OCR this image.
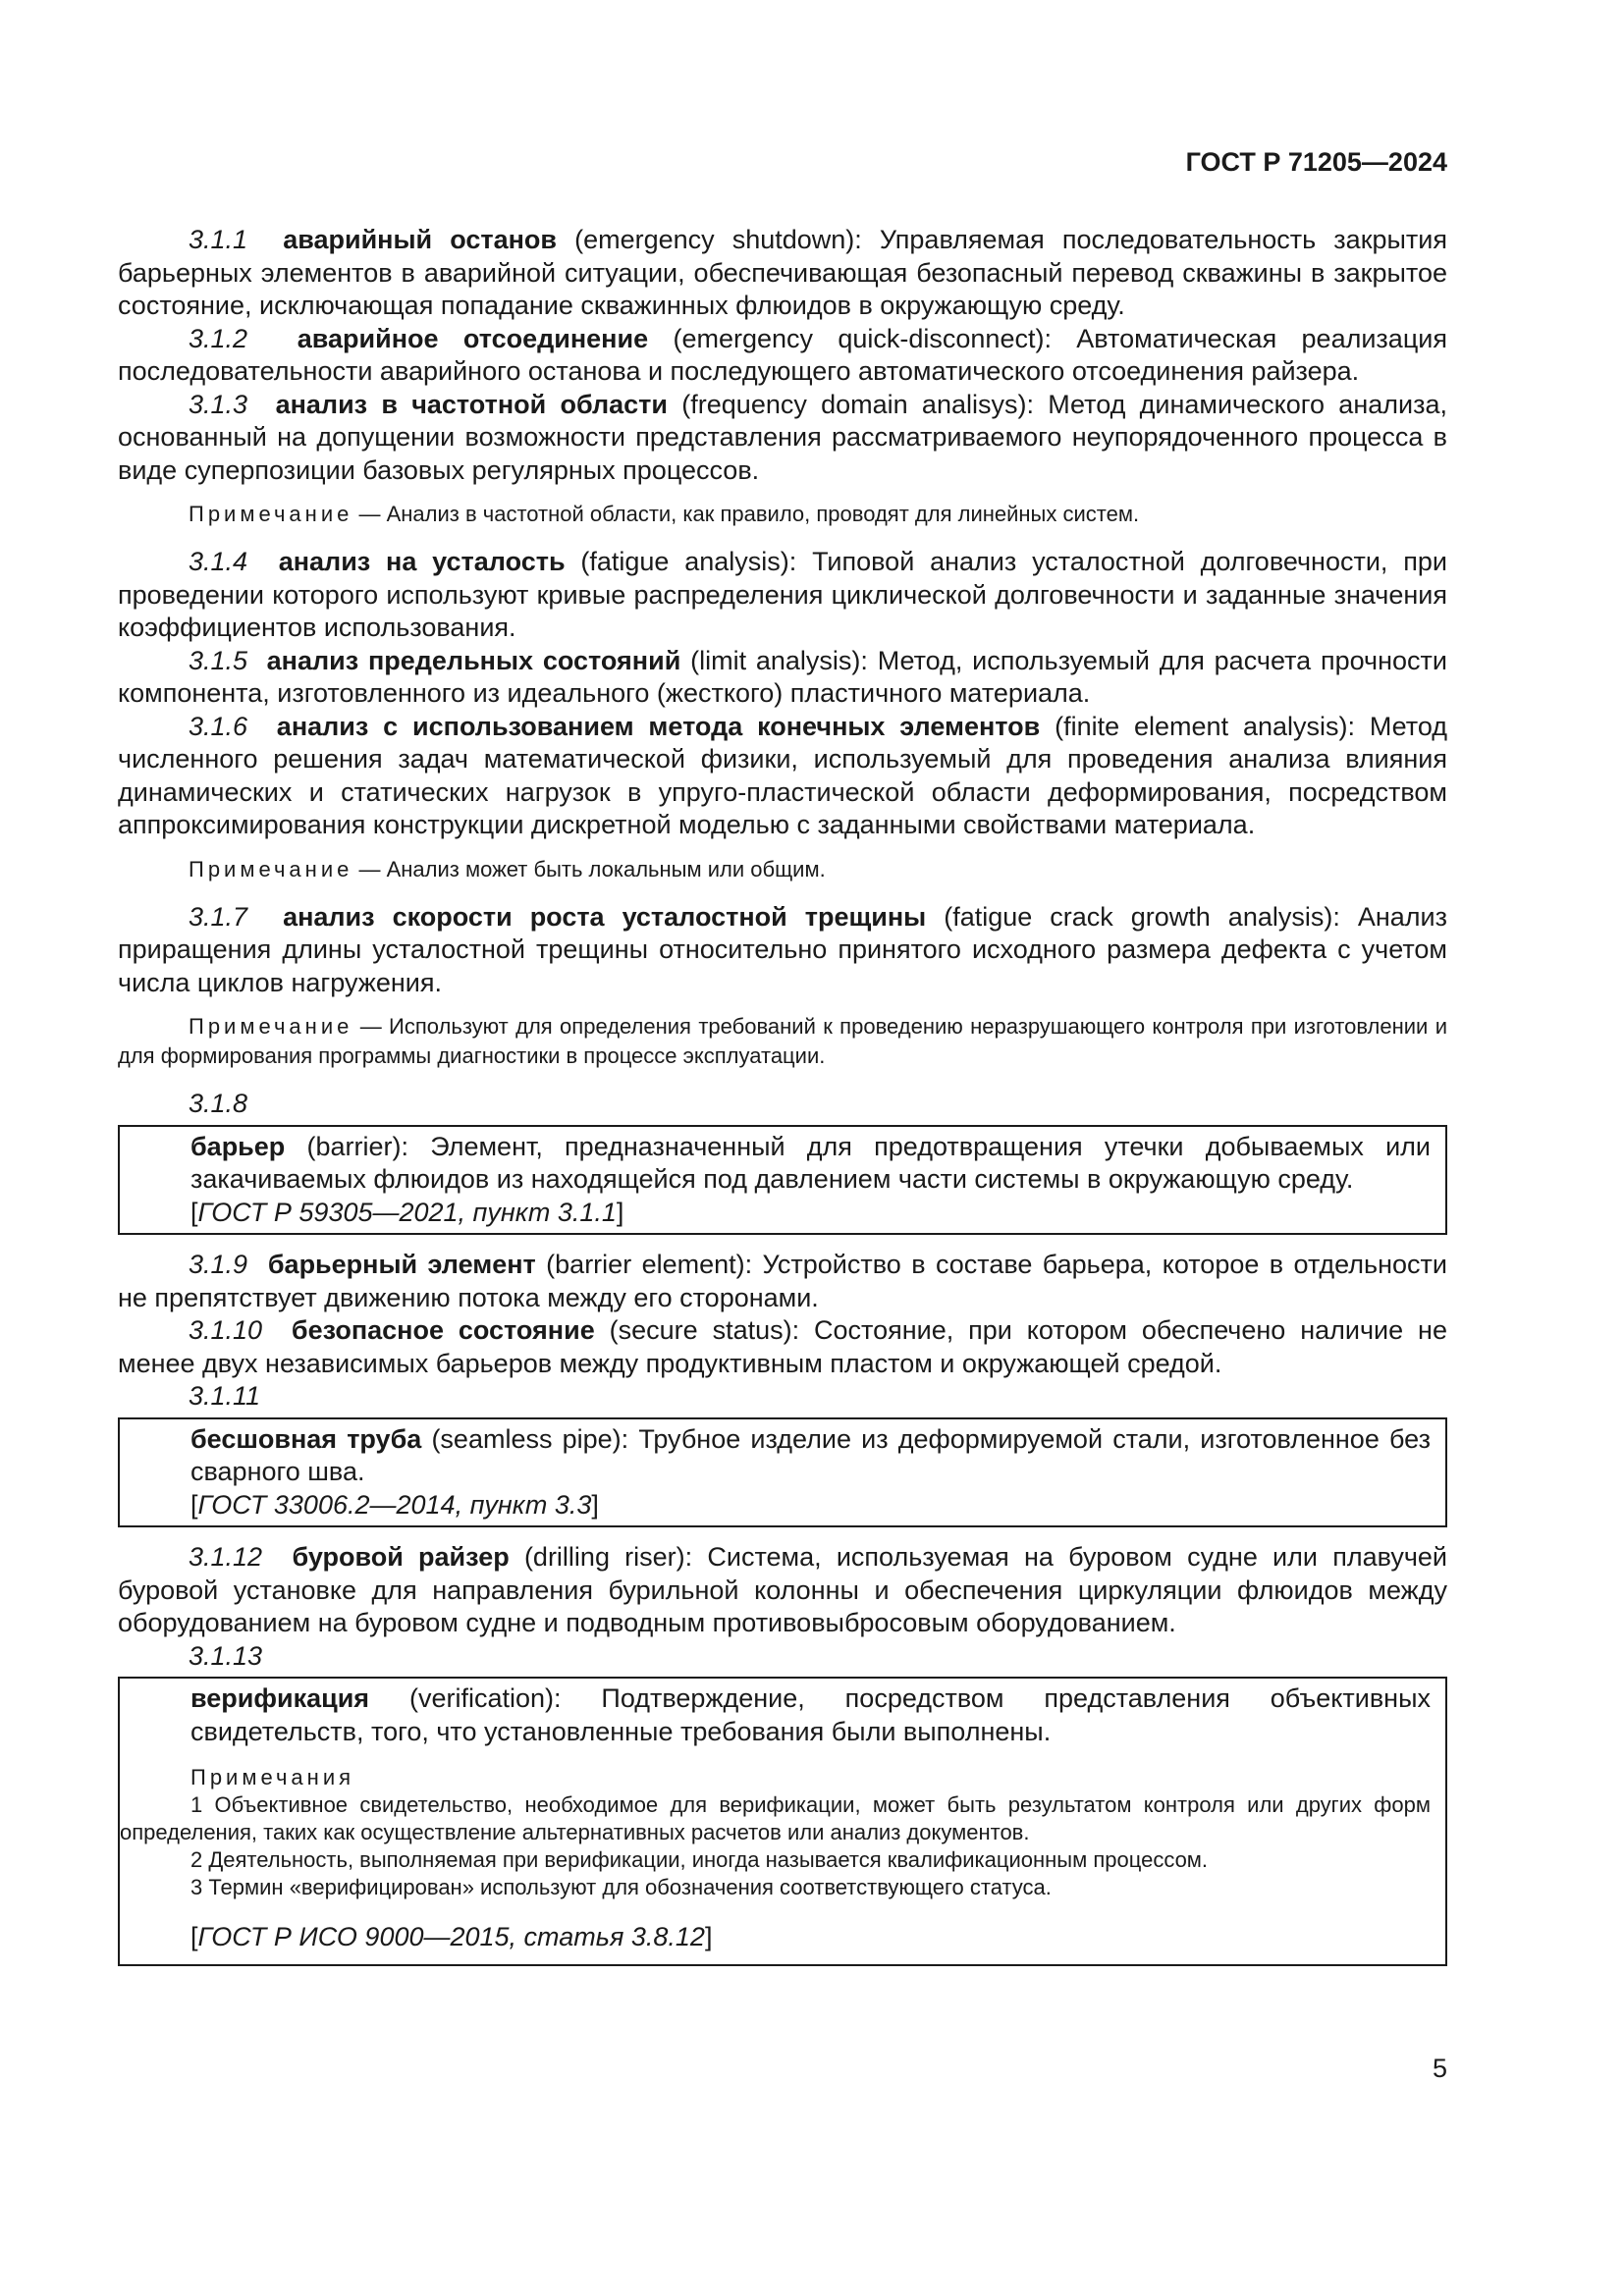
ГОСТ Р 71205—2024

3.1.1 аварийный останов (emergency shutdown): Управляемая последовательность закрытия барьерных элементов в аварийной ситуации, обеспечивающая безопасный перевод скважины в закрытое состояние, исключающая попадание скважинных флюидов в окружающую среду.

3.1.2 аварийное отсоединение (emergency quick-disconnect): Автоматическая реализация последовательности аварийного останова и последующего автоматического отсоединения райзера.

3.1.3 анализ в частотной области (frequency domain analisys): Метод динамического анализа, основанный на допущении возможности представления рассматриваемого неупорядоченного процесса в виде суперпозиции базовых регулярных процессов.

Примечание — Анализ в частотной области, как правило, проводят для линейных систем.

3.1.4 анализ на усталость (fatigue analysis): Типовой анализ усталостной долговечности, при проведении которого используют кривые распределения циклической долговечности и заданные значения коэффициентов использования.

3.1.5 анализ предельных состояний (limit analysis): Метод, используемый для расчета прочности компонента, изготовленного из идеального (жесткого) пластичного материала.

3.1.6 анализ с использованием метода конечных элементов (finite element analysis): Метод численного решения задач математической физики, используемый для проведения анализа влияния динамических и статических нагрузок в упруго-пластической области деформирования, посредством аппроксимирования конструкции дискретной моделью с заданными свойствами материала.

Примечание — Анализ может быть локальным или общим.

3.1.7 анализ скорости роста усталостной трещины (fatigue crack growth analysis): Анализ приращения длины усталостной трещины относительно принятого исходного размера дефекта с учетом числа циклов нагружения.

Примечание — Используют для определения требований к проведению неразрушающего контроля при изготовлении и для формирования программы диагностики в процессе эксплуатации.

3.1.8

барьер (barrier): Элемент, предназначенный для предотвращения утечки добываемых или закачиваемых флюидов из находящейся под давлением части системы в окружающую среду.

[ГОСТ Р 59305—2021, пункт 3.1.1]

3.1.9 барьерный элемент (barrier element): Устройство в составе барьера, которое в отдельности не препятствует движению потока между его сторонами.

3.1.10 безопасное состояние (secure status): Состояние, при котором обеспечено наличие не менее двух независимых барьеров между продуктивным пластом и окружающей средой.

3.1.11

бесшовная труба (seamless pipe): Трубное изделие из деформируемой стали, изготовленное без сварного шва.

[ГОСТ 33006.2—2014, пункт 3.3]

3.1.12 буровой райзер (drilling riser): Система, используемая на буровом судне или плавучей буровой установке для направления бурильной колонны и обеспечения циркуляции флюидов между оборудованием на буровом судне и подводным противовыбросовым оборудованием.

3.1.13

верификация (verification): Подтверждение, посредством представления объективных свидетельств, того, что установленные требования были выполнены.

Примечания

1 Объективное свидетельство, необходимое для верификации, может быть результатом контроля или других форм определения, таких как осуществление альтернативных расчетов или анализ документов.

2 Деятельность, выполняемая при верификации, иногда называется квалификационным процессом.

3 Термин «верифицирован» используют для обозначения соответствующего статуса.

[ГОСТ Р ИСО 9000—2015, статья 3.8.12]

5
